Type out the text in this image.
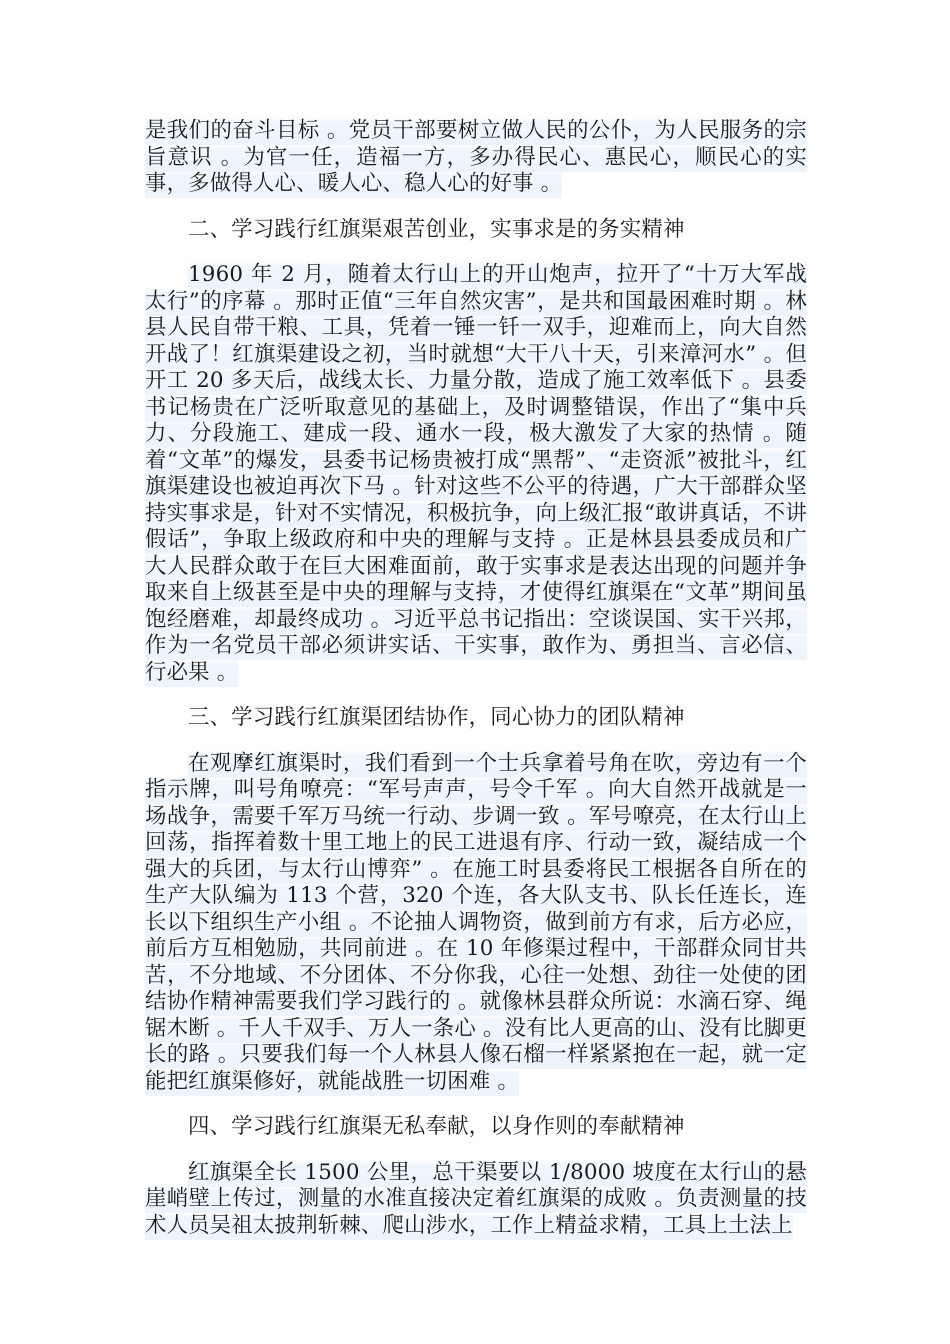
是我们的奋斗目标 。党员干部要树立做人民的公仆，为人民服务的宗旨意识 。为官一任，造福一方，多办得民心、惠民心，顺民心的实事，多做得人心、暖人心、稳人心的好事 。

二、学习践行红旗渠艰苦创业，实事求是的务实精神

1960 年 2 月，随着太行山上的开山炮声，拉开了“十万大军战太行”的序幕 。那时正值“三年自然灾害”，是共和国最困难时期 。林县人民自带干粮、工具，凭着一锤一钎一双手，迎难而上，向大自然开战了！红旗渠建设之初，当时就想“大干八十天，引来漳河水” 。但开工 20 多天后，战线太长、力量分散，造成了施工效率低下 。县委书记杨贵在广泛听取意见的基础上，及时调整错误，作出了“集中兵力、分段施工、建成一段、通水一段，极大激发了大家的热情 。随着“文革”的爆发，县委书记杨贵被打成“黑帮”、“走资派”被批斗，红旗渠建设也被迫再次下马 。针对这些不公平的待遇，广大干部群众坚持实事求是，针对不实情况，积极抗争，向上级汇报“敢讲真话，不讲假话”，争取上级政府和中央的理解与支持 。正是林县县委成员和广大人民群众敢于在巨大困难面前，敢于实事求是表达出现的问题并争取来自上级甚至是中央的理解与支持，才使得红旗渠在“文革”期间虽饱经磨难，却最终成功 。习近平总书记指出：空谈误国、实干兴邦，作为一名党员干部必须讲实话、干实事，敢作为、勇担当、言必信、行必果 。

三、学习践行红旗渠团结协作，同心协力的团队精神

在观摩红旗渠时，我们看到一个士兵拿着号角在吹，旁边有一个指示牌，叫号角嘹亮：“军号声声，号令千军 。向大自然开战就是一场战争，需要千军万马统一行动、步调一致 。军号嘹亮，在太行山上回荡，指挥着数十里工地上的民工进退有序、行动一致，凝结成一个强大的兵团，与太行山博弈” 。在施工时县委将民工根据各自所在的生产大队编为 113 个营，320 个连，各大队支书、队长任连长，连长以下组织生产小组 。不论抽人调物资，做到前方有求，后方必应，前后方互相勉励，共同前进 。在 10 年修渠过程中，干部群众同甘共苦，不分地域、不分团体、不分你我，心往一处想、劲往一处使的团结协作精神需要我们学习践行的 。就像林县群众所说：水滴石穿、绳锯木断 。千人千双手、万人一条心 。没有比人更高的山、没有比脚更长的路 。只要我们每一个人林县人像石榴一样紧紧抱在一起，就一定能把红旗渠修好，就能战胜一切困难 。

四、学习践行红旗渠无私奉献，以身作则的奉献精神

红旗渠全长 1500 公里，总干渠要以 1/8000 坡度在太行山的悬崖峭壁上传过，测量的水准直接决定着红旗渠的成败 。负责测量的技术人员吴祖太披荆斩棘、爬山涉水，工作上精益求精，工具上土法上
